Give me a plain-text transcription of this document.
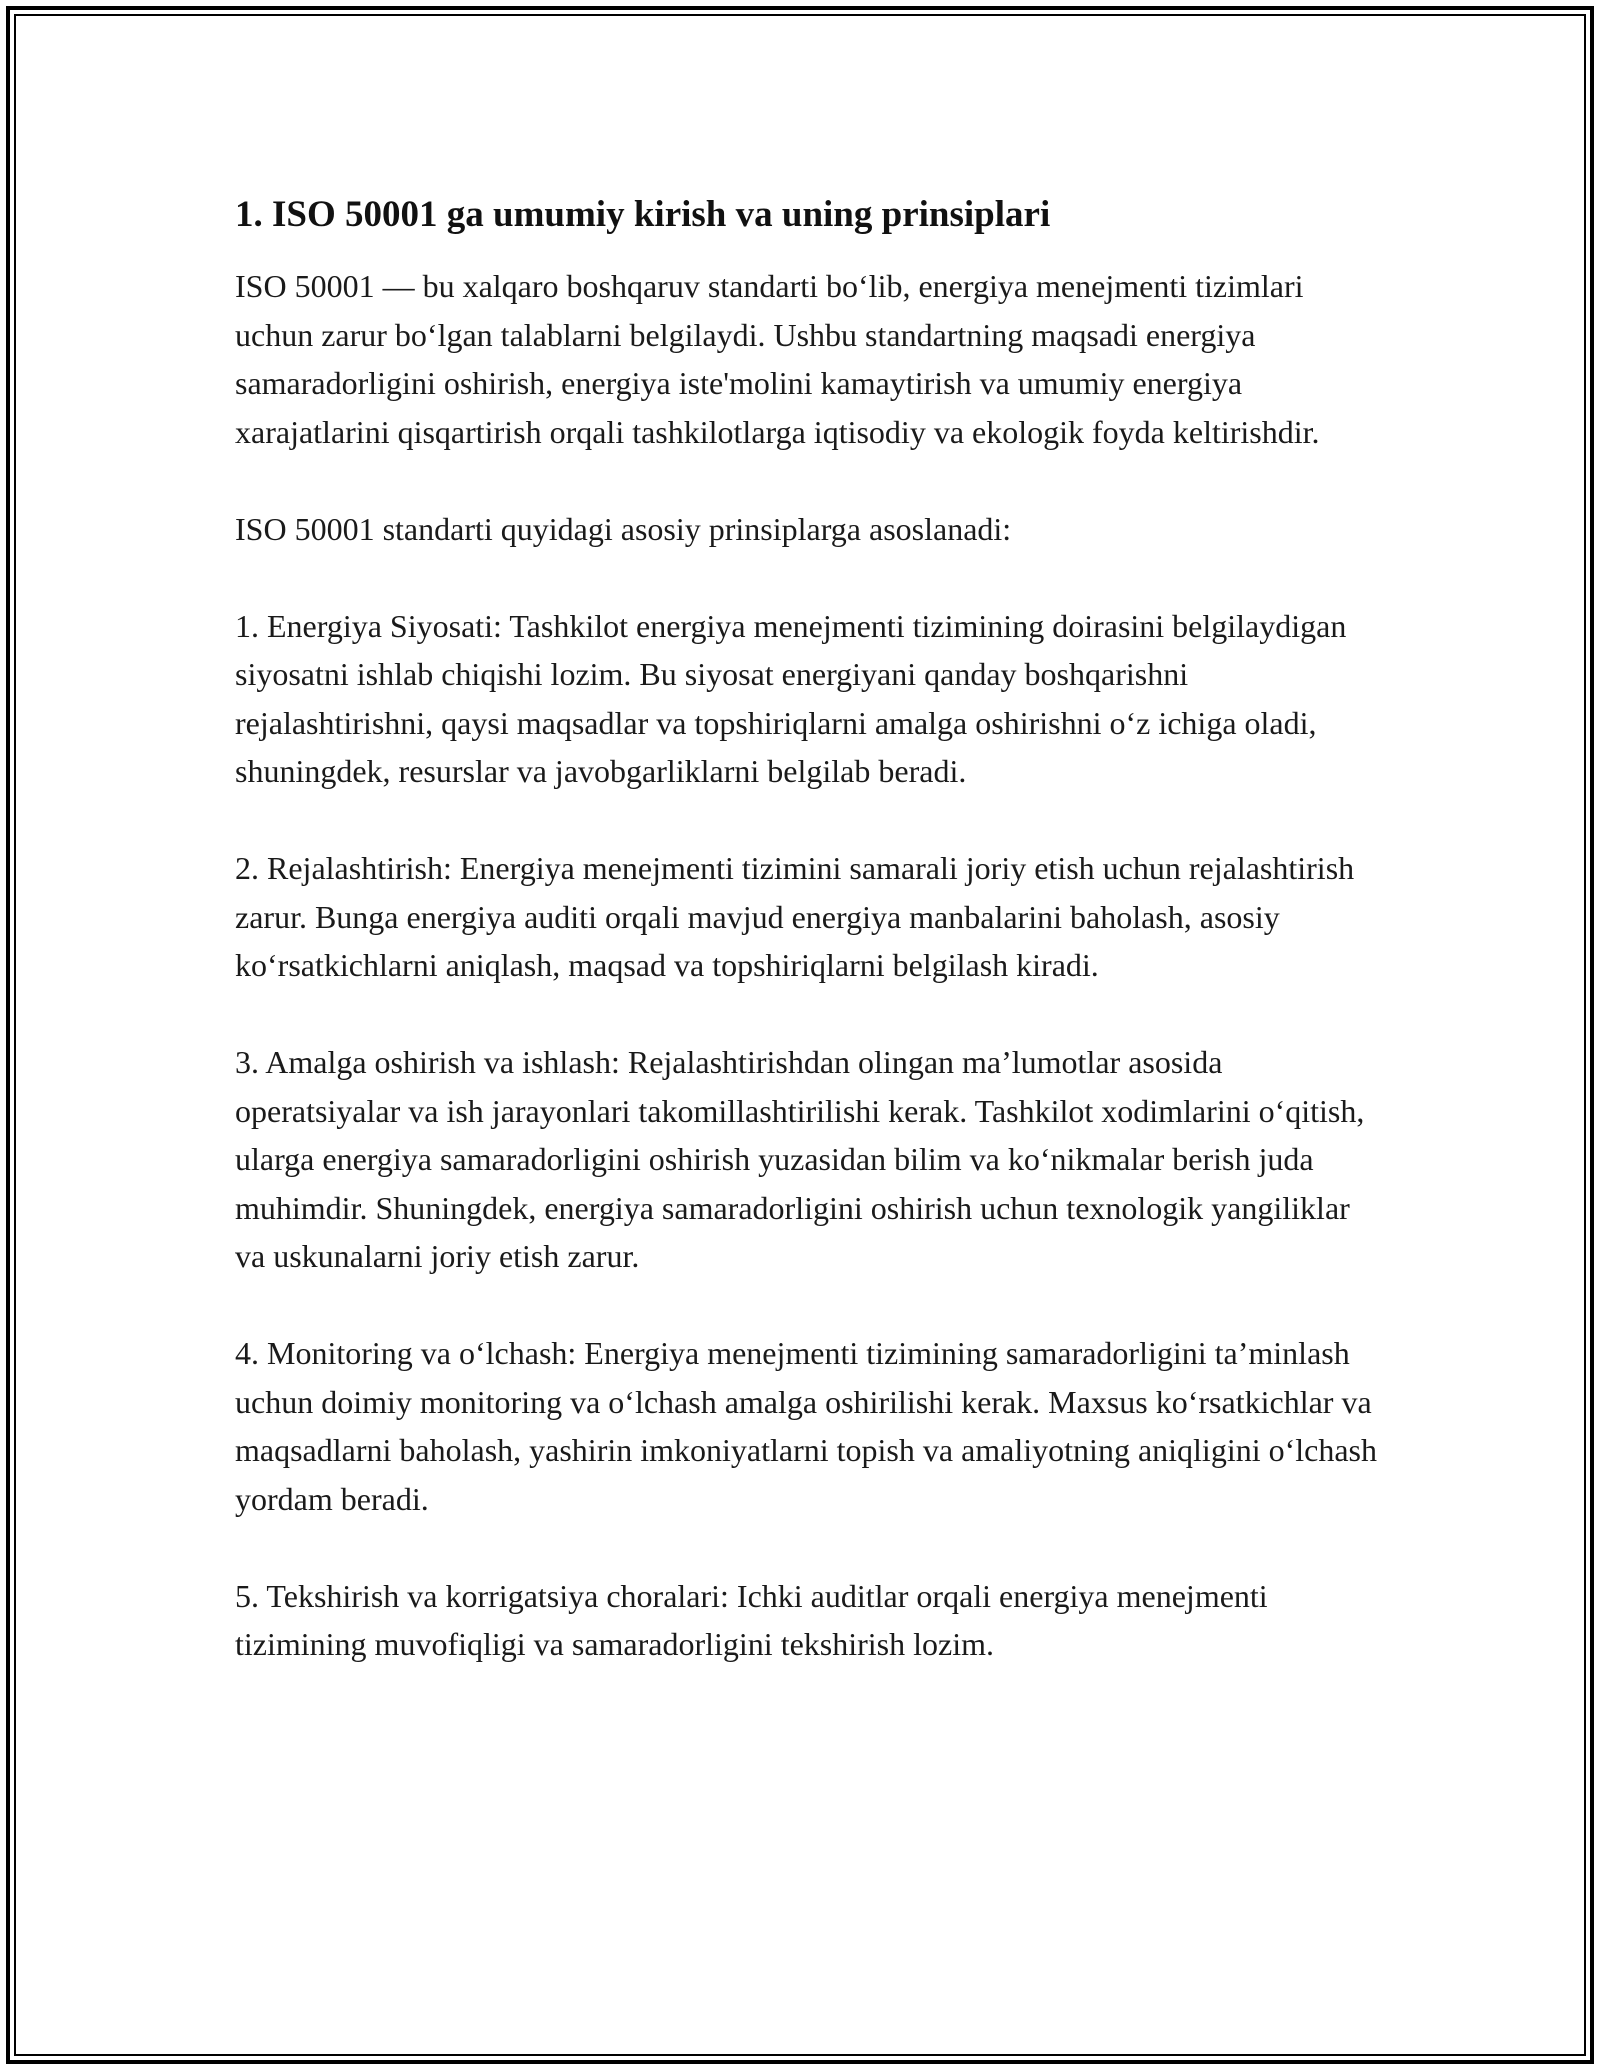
1. ISO 50001 ga umumiy kirish va uning prinsiplari

ISO 50001 — bu xalqaro boshqaruv standarti bo‘lib, energiya menejmenti tizimlari uchun zarur bo‘lgan talablarni belgilaydi. Ushbu standartning maqsadi energiya samaradorligini oshirish, energiya iste'molini kamaytirish va umumiy energiya xarajatlarini qisqartirish orqali tashkilotlarga iqtisodiy va ekologik foyda keltirishdir.

ISO 50001 standarti quyidagi asosiy prinsiplarga asoslanadi:

1. Energiya Siyosati: Tashkilot energiya menejmenti tizimining doirasini belgilaydigan siyosatni ishlab chiqishi lozim. Bu siyosat energiyani qanday boshqarishni rejalashtirishni, qaysi maqsadlar va topshiriqlarni amalga oshirishni o‘z ichiga oladi, shuningdek, resurslar va javobgarliklarni belgilab beradi.

2. Rejalashtirish: Energiya menejmenti tizimini samarali joriy etish uchun rejalashtirish zarur. Bunga energiya auditi orqali mavjud energiya manbalarini baholash, asosiy ko‘rsatkichlarni aniqlash, maqsad va topshiriqlarni belgilash kiradi.

3. Amalga oshirish va ishlash: Rejalashtirishdan olingan ma’lumotlar asosida operatsiyalar va ish jarayonlari takomillashtirilishi kerak. Tashkilot xodimlarini o‘qitish, ularga energiya samaradorligini oshirish yuzasidan bilim va ko‘nikmalar berish juda muhimdir. Shuningdek, energiya samaradorligini oshirish uchun texnologik yangiliklar va uskunalarni joriy etish zarur.

4. Monitoring va o‘lchash: Energiya menejmenti tizimining samaradorligini ta’minlash uchun doimiy monitoring va o‘lchash amalga oshirilishi kerak. Maxsus ko‘rsatkichlar va maqsadlarni baholash, yashirin imkoniyatlarni topish va amaliyotning aniqligini o‘lchash yordam beradi.

5. Tekshirish va korrigatsiya choralari: Ichki auditlar orqali energiya menejmenti tizimining muvofiqligi va samaradorligini tekshirish lozim.
